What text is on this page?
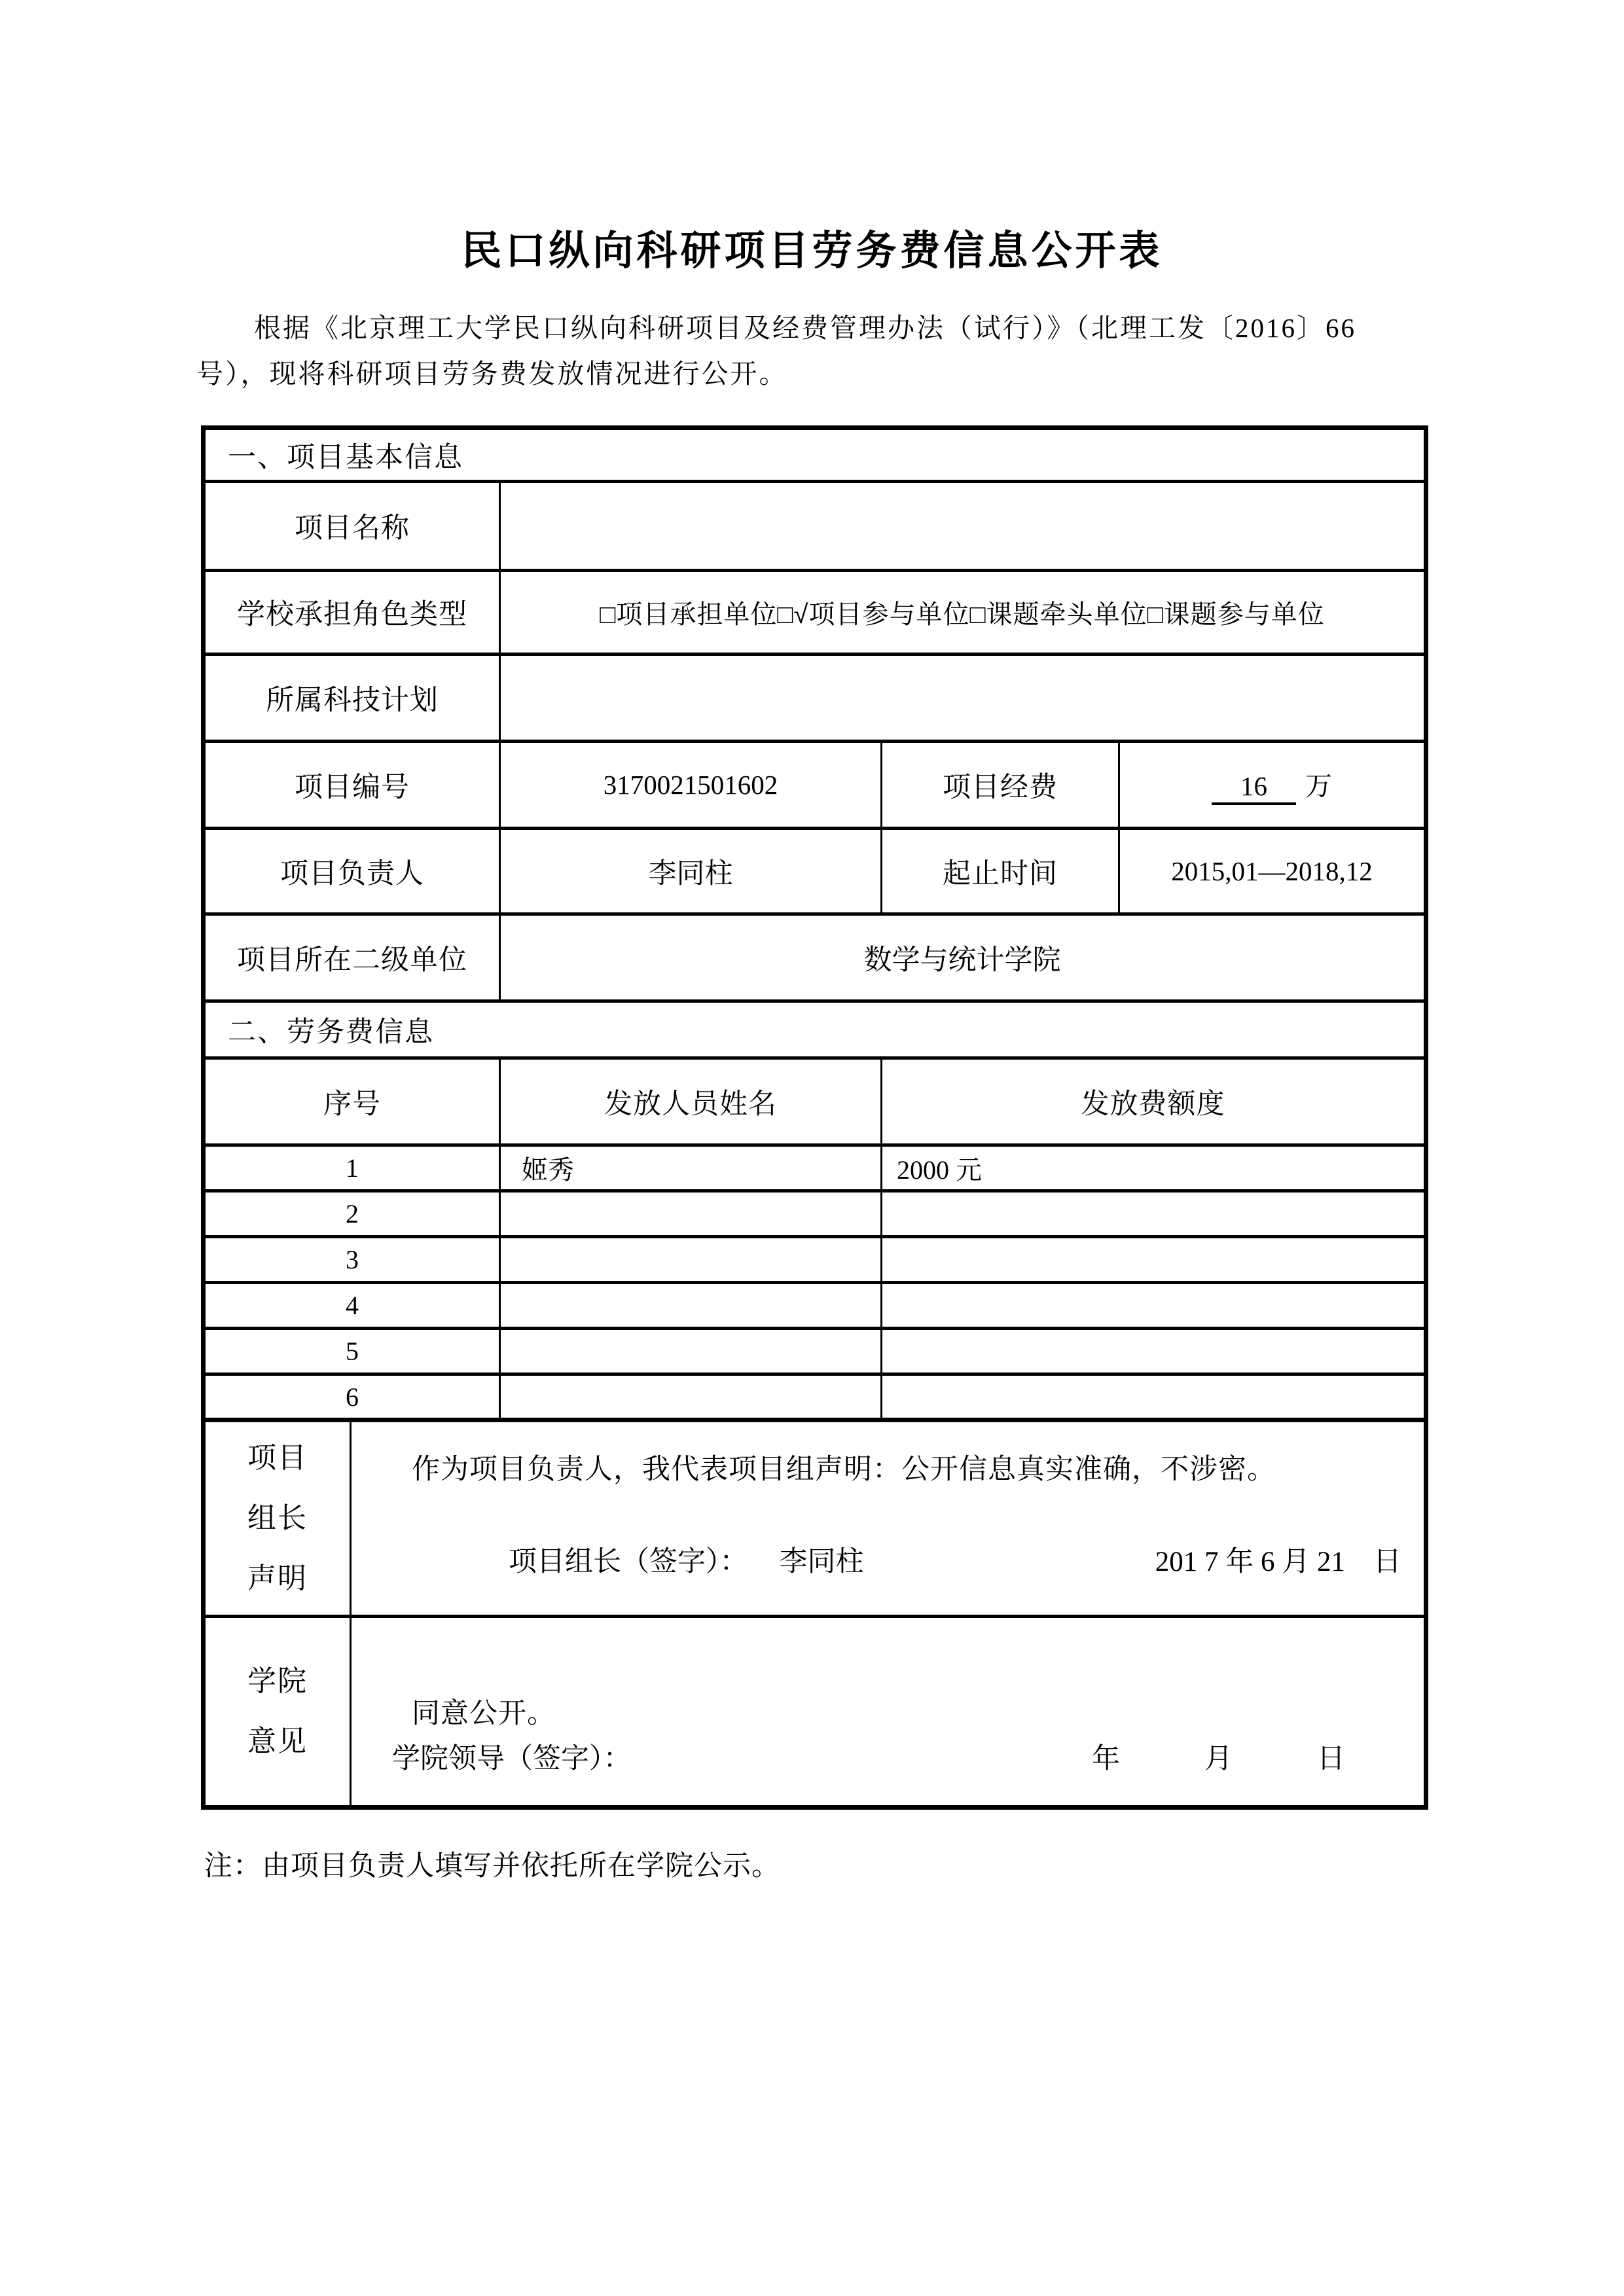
民口纵向科研项目劳务费信息公开表

根据《北京理工大学民口纵向科研项目及经费管理办法（试行）》（北理工发〔2016〕66 号），现将科研项目劳务费发放情况进行公开。

一、项目基本信息			
项目名称			
学校承担角色类型	□项目承担单位□√项目参与单位□课题牵头单位□课题参与单位		
所属科技计划			
项目编号	3170021501602	项目经费	16 万
项目负责人	李同柱	起止时间	2015,01—2018,12
项目所在二级单位	数学与统计学院		
二、劳务费信息			
序号	发放人员姓名	发放费额度	
1	姬秀	2000 元	
2			
3			
4			
5			
6			
项目
组长
声明

作为项目负责人，我代表项目组声明：公开信息真实准确，不涉密。
项目组长（签字）： 李同柱	201 7 年 6 月 21　日

学院
意见

同意公开。
学院领导（签字）：	年　　　月　　　日

注：由项目负责人填写并依托所在学院公示。
